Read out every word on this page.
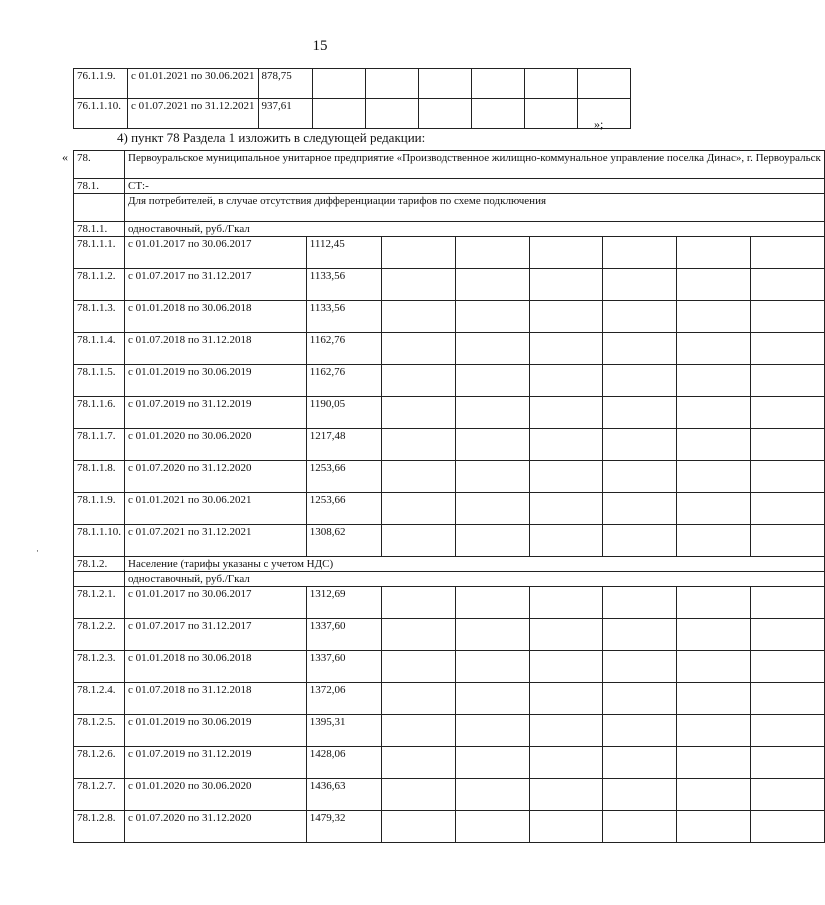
15
76.1.1.9.	с 01.01.2021 по 30.06.2021	878,75						
76.1.1.10.	с 01.07.2021 по 31.12.2021	937,61						
»;
4) пункт 78 Раздела 1 изложить в следующей редакции:
«
·
78.	Первоуральское муниципальное унитарное предприятие «Производственное жилищно-коммунальное управление поселка Динас», г. Первоуральск							
78.1.	СТ:-							
	Для потребителей, в случае отсутствия дифференциации тарифов по схеме подключения							
78.1.1.	одноставочный, руб./Гкал							
78.1.1.1.	с 01.01.2017 по 30.06.2017	1112,45						
78.1.1.2.	с 01.07.2017 по 31.12.2017	1133,56						
78.1.1.3.	с 01.01.2018 по 30.06.2018	1133,56						
78.1.1.4.	с 01.07.2018 по 31.12.2018	1162,76						
78.1.1.5.	с 01.01.2019 по 30.06.2019	1162,76						
78.1.1.6.	с 01.07.2019 по 31.12.2019	1190,05						
78.1.1.7.	с 01.01.2020 по 30.06.2020	1217,48						
78.1.1.8.	с 01.07.2020 по 31.12.2020	1253,66						
78.1.1.9.	с 01.01.2021 по 30.06.2021	1253,66						
78.1.1.10.	с 01.07.2021 по 31.12.2021	1308,62						
78.1.2.	Население (тарифы указаны с учетом НДС)							
	одноставочный, руб./Гкал							
78.1.2.1.	с 01.01.2017 по 30.06.2017	1312,69						
78.1.2.2.	с 01.07.2017 по 31.12.2017	1337,60						
78.1.2.3.	с 01.01.2018 по 30.06.2018	1337,60						
78.1.2.4.	с 01.07.2018 по 31.12.2018	1372,06						
78.1.2.5.	с 01.01.2019 по 30.06.2019	1395,31						
78.1.2.6.	с 01.07.2019 по 31.12.2019	1428,06						
78.1.2.7.	с 01.01.2020 по 30.06.2020	1436,63						
78.1.2.8.	с 01.07.2020 по 31.12.2020	1479,32						
